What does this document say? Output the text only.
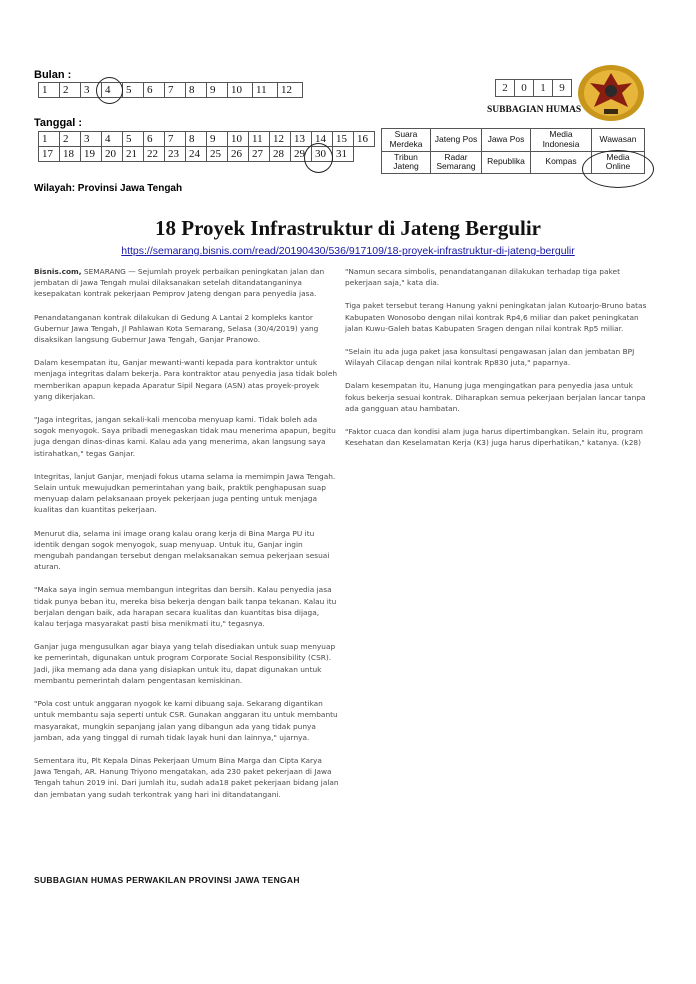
Bulan :
1	2	3	4	5	6	7	8	9	10	11	12
Tanggal :
1	2	3	4	5	6	7	8	9	10	11	12	13	14	15	16
17	18	19	20	21	22	23	24	25	26	27	28	29	30	31	
Wilayah: Provinsi Jawa Tengah
2	0	1	9
SUBBAGIAN HUMAS
Suara Merdeka	Jateng Pos	Jawa Pos	Media Indonesia	Wawasan
Tribun Jateng	Radar Semarang	Republika	Kompas	Media Online
18 Proyek Infrastruktur di Jateng Bergulir
https://semarang.bisnis.com/read/20190430/536/917109/18-proyek-infrastruktur-di-jateng-bergulir

Bisnis.com, SEMARANG — Sejumlah proyek perbaikan peningkatan jalan dan jembatan di Jawa Tengah mulai dilaksanakan setelah ditandatanganinya kesepakatan kontrak pekerjaan Pemprov Jateng dengan para penyedia jasa.

Penandatanganan kontrak dilakukan di Gedung A Lantai 2 kompleks kantor Gubernur Jawa Tengah, Jl Pahlawan Kota Semarang, Selasa (30/4/2019) yang disaksikan langsung Gubernur Jawa Tengah, Ganjar Pranowo.

Dalam kesempatan itu, Ganjar mewanti-wanti kepada para kontraktor untuk menjaga integritas dalam bekerja. Para kontraktor atau penyedia jasa tidak boleh memberikan apapun kepada Aparatur Sipil Negara (ASN) atas proyek-proyek yang dikerjakan.

"Jaga integritas, jangan sekali-kali mencoba menyuap kami. Tidak boleh ada sogok menyogok. Saya pribadi menegaskan tidak mau menerima apapun, begitu juga dengan dinas-dinas kami. Kalau ada yang menerima, akan langsung saya istirahatkan," tegas Ganjar.

Integritas, lanjut Ganjar, menjadi fokus utama selama ia memimpin Jawa Tengah. Selain untuk mewujudkan pemerintahan yang baik, praktik penghapusan suap menyuap dalam pelaksanaan proyek pekerjaan juga penting untuk menjaga kualitas dan kuantitas pekerjaan.

Menurut dia, selama ini image orang kalau orang kerja di Bina Marga PU itu identik dengan sogok menyogok, suap menyuap. Untuk itu, Ganjar ingin mengubah pandangan tersebut dengan melaksanakan semua pekerjaan sesuai aturan.

"Maka saya ingin semua membangun integritas dan bersih. Kalau penyedia jasa tidak punya beban itu, mereka bisa bekerja dengan baik tanpa tekanan. Kalau itu berjalan dengan baik, ada harapan secara kualitas dan kuantitas bisa dijaga, kalau terjaga masyarakat pasti bisa menikmati itu," tegasnya.

Ganjar juga mengusulkan agar biaya yang telah disediakan untuk suap menyuap ke pemerintah, digunakan untuk program Corporate Social Responsibility (CSR). Jadi, jika memang ada dana yang disiapkan untuk itu, dapat digunakan untuk membantu pemerintah dalam pengentasan kemiskinan.

"Pola cost untuk anggaran nyogok ke kami dibuang saja. Sekarang digantikan untuk membantu saja seperti untuk CSR. Gunakan anggaran itu untuk membantu masyarakat, mungkin sepanjang jalan yang dibangun ada yang tidak punya jamban, ada yang tinggal di rumah tidak layak huni dan lainnya," ujarnya.

Sementara itu, Plt Kepala Dinas Pekerjaan Umum Bina Marga dan Cipta Karya Jawa Tengah, AR. Hanung Triyono mengatakan, ada 230 paket pekerjaan di Jawa Tengah tahun 2019 ini. Dari jumlah itu, sudah ada18 paket pekerjaan bidang jalan dan jembatan yang sudah terkontrak yang hari ini ditandatangani.

"Namun secara simbolis, penandatanganan dilakukan terhadap tiga paket pekerjaan saja," kata dia.

Tiga paket tersebut terang Hanung yakni peningkatan jalan Kutoarjo-Bruno batas Kabupaten Wonosobo dengan nilai kontrak Rp4,6 miliar dan paket peningkatan jalan Kuwu-Galeh batas Kabupaten Sragen dengan nilai kontrak Rp5 miliar.

"Selain itu ada juga paket jasa konsultasi pengawasan jalan dan jembatan BPJ Wilayah Cilacap dengan nilai kontrak Rp830 juta," paparnya.

Dalam kesempatan itu, Hanung juga mengingatkan para penyedia jasa untuk fokus bekerja sesuai kontrak. Diharapkan semua pekerjaan berjalan lancar tanpa ada gangguan atau hambatan.

"Faktor cuaca dan kondisi alam juga harus dipertimbangkan. Selain itu, program Kesehatan dan Keselamatan Kerja (K3) juga harus diperhatikan," katanya. (k28)

SUBBAGIAN HUMAS PERWAKILAN PROVINSI JAWA TENGAH
